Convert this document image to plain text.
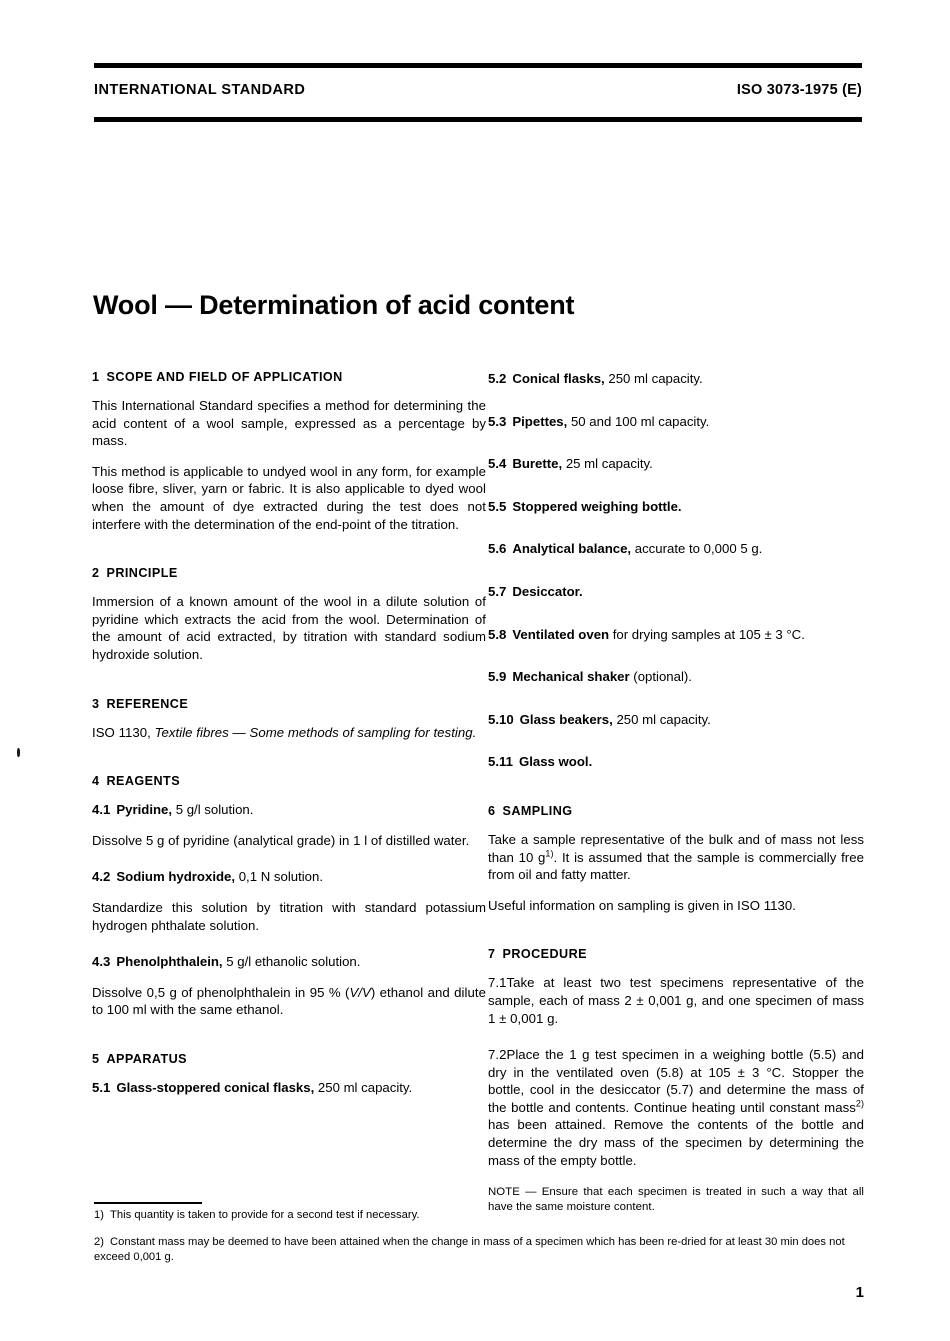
INTERNATIONAL STANDARD	ISO 3073-1975 (E)
Wool — Determination of acid content
1 SCOPE AND FIELD OF APPLICATION

This International Standard specifies a method for determining the acid content of a wool sample, expressed as a percentage by mass.

This method is applicable to undyed wool in any form, for example loose fibre, sliver, yarn or fabric. It is also applicable to dyed wool when the amount of dye extracted during the test does not interfere with the determination of the end-point of the titration.

2 PRINCIPLE

Immersion of a known amount of the wool in a dilute solution of pyridine which extracts the acid from the wool. Determination of the amount of acid extracted, by titration with standard sodium hydroxide solution.

3 REFERENCE

ISO 1130, Textile fibres — Some methods of sampling for testing.

4 REAGENTS

4.1 Pyridine, 5 g/l solution.

Dissolve 5 g of pyridine (analytical grade) in 1 l of distilled water.

4.2 Sodium hydroxide, 0,1 N solution.

Standardize this solution by titration with standard potassium hydrogen phthalate solution.

4.3 Phenolphthalein, 5 g/l ethanolic solution.

Dissolve 0,5 g of phenolphthalein in 95 % (V/V) ethanol and dilute to 100 ml with the same ethanol.

5 APPARATUS

5.1 Glass-stoppered conical flasks, 250 ml capacity.

5.2 Conical flasks, 250 ml capacity.

5.3 Pipettes, 50 and 100 ml capacity.

5.4 Burette, 25 ml capacity.

5.5 Stoppered weighing bottle.

5.6 Analytical balance, accurate to 0,000 5 g.

5.7 Desiccator.

5.8 Ventilated oven for drying samples at 105 ± 3 °C.

5.9 Mechanical shaker (optional).

5.10 Glass beakers, 250 ml capacity.

5.11 Glass wool.

6 SAMPLING

Take a sample representative of the bulk and of mass not less than 10 $g^{1)}$. It is assumed that the sample is commercially free from oil and fatty matter.

Useful information on sampling is given in ISO 1130.

7 PROCEDURE

7.1Take at least two test specimens representative of the sample, each of mass 2 ± 0,001 g, and one specimen of mass 1 ± 0,001 g.

7.2Place the 1 g test specimen in a weighing bottle (5.5) and dry in the ventilated oven (5.8) at 105 ± 3 °C. Stopper the bottle, cool in the desiccator (5.7) and determine the mass of the bottle and contents. Continue heating until constant mass$^{2)}$ has been attained. Remove the contents of the bottle and determine the dry mass of the specimen by determining the mass of the empty bottle.

NOTE — Ensure that each specimen is treated in such a way that all have the same moisture content.

1) This quantity is taken to provide for a second test if necessary.

2) Constant mass may be deemed to have been attained when the change in mass of a specimen which has been re-dried for at least 30 min does not exceed 0,001 g.

1
